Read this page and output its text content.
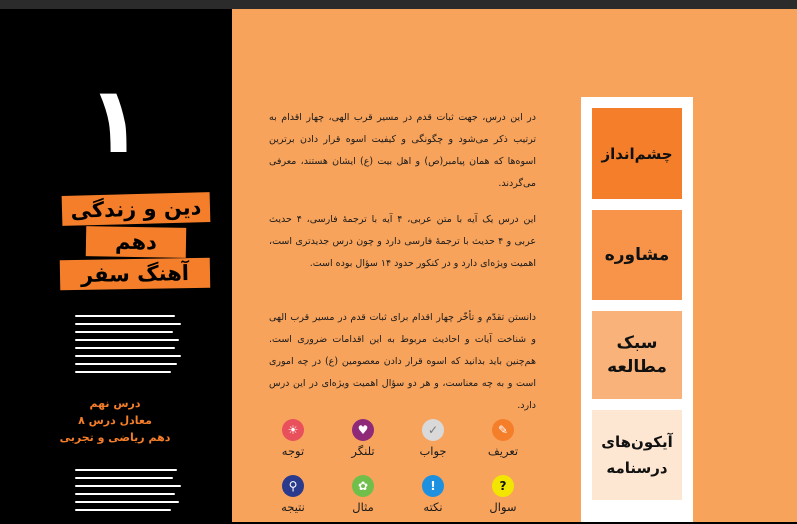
۱
دین و زندگی
دهم
آهنگ سفر
درس نهم
معادل درس ۸
دهم ریاضی و تجربی
در این درس، جهت ثبات قدم در مسیر قرب الهی، چهار اقدام به ترتیب ذکر می‌شود و چگونگی و کیفیت اسوه قرار دادن برترین اسوه‌ها که همان پیامبر(ص) و اهل بیت (ع) ایشان هستند، معرفی می‌گردند.
این درس یک آیه با متن عربی، ۴ آیه با ترجمهٔ فارسی، ۴ حدیث عربی و ۴ حدیث با ترجمهٔ فارسی دارد و چون درس جدیدتری است، اهمیت ویژه‌ای دارد و در کنکور حدود ۱۴ سؤال بوده است.
دانستن تقدّم و تأخّر چهار اقدام برای ثبات قدم در مسیر قرب الهی و شناخت آیات و احادیث مربوط به این اقدامات ضروری است. هم‌چنین باید بدانید که اسوه قرار دادن معصومین (ع) در چه اموری است و به چه معناست، و هر دو سؤال اهمیت ویژه‌ای در این درس دارد.
✎
تعریف
✓
جواب
♥
تلنگر
☀
توجه
?
سوال
!
نکته
✿
مثال
⚲
نتیجه
چشم‌انداز
مشاوره
سبک مطالعه
آیکون‌های درسنامه
